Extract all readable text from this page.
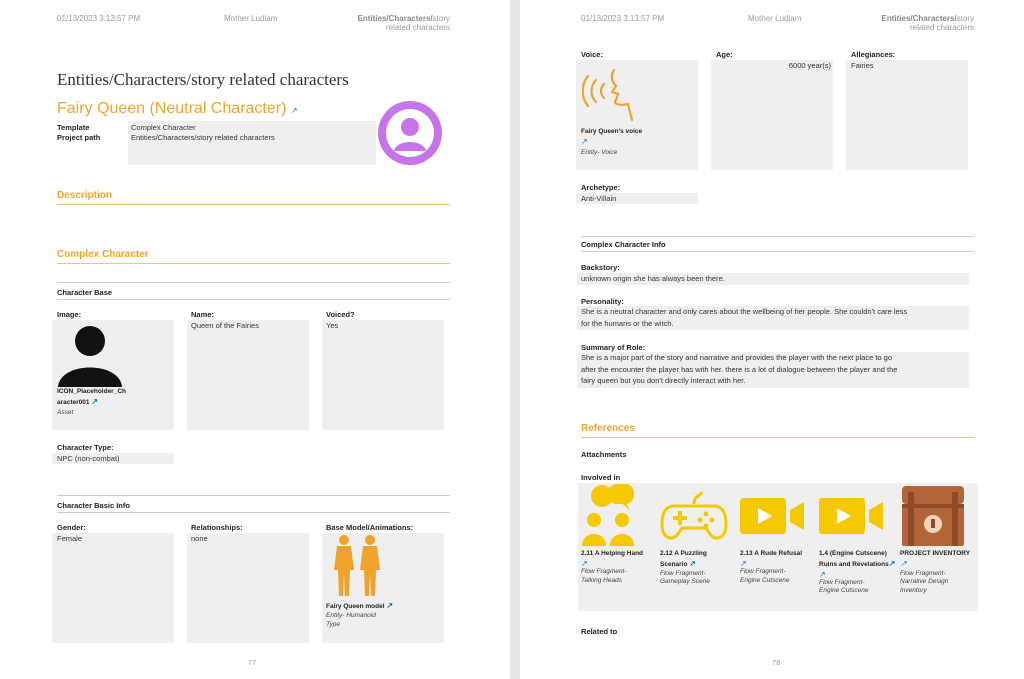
01/13/2023 3:13:57 PM	Mother Ludlam	Entities/Characters/story
related characters
Entities/Characters/story related characters
Fairy Queen (Neutral Character) ↗
Template	Complex Character
Project path	Entities/Characters/story related characters
Description
Complex Character
Character Base
Image:
ICON_Placeholder_Ch
aracter001 ↗
Asset
Name:
Queen of the Fairies
Voiced?
Yes
Character Type:
NPC (non-combat)
Character Basic Info
Gender:
Female
Relationships:
none
Base Model/Animations:
Fairy Queen model ↗
Entity- Humanoid
Type
77
01/13/2023 3:13:57 PM	Mother Ludlam	Entities/Characters/story
related characters
Voice:
Fairy Queen's voice
↗
Entity- Voice
Age:
6000 year(s)
Allegiances:
Fairies
Archetype:
Anti-Villain
Complex Character Info
Backstory:
unknown origin she has always been there.
Personality:
She is a neutral character and only cares about the wellbeing of her people. She couldn't care less
for the humans or the witch.
Summary of Role:
She is a major part of the story and narrative and provides the player with the next place to go
after the encounter the player has with her. there is a lot of dialogue between the player and the
fairy queen but you don't directly interact with her.
References
Attachments
Involved in
2.11 A Helping Hand
↗
Flow Fragment-
Talking Heads
2.12 A Puzzling
Scenario ↗
Flow Fragment-
Gameplay Scene
2.13 A Rude Refusal
↗
Flow Fragment-
Engine Cutscene
1.4 (Engine Cutscene)
Ruins and Revelations↗
↗
Flow Fragment-
Engine Cutscene
PROJECT INVENTORY
↗
Flow Fragment-
Narrative Design
Inventory
Related to
78
